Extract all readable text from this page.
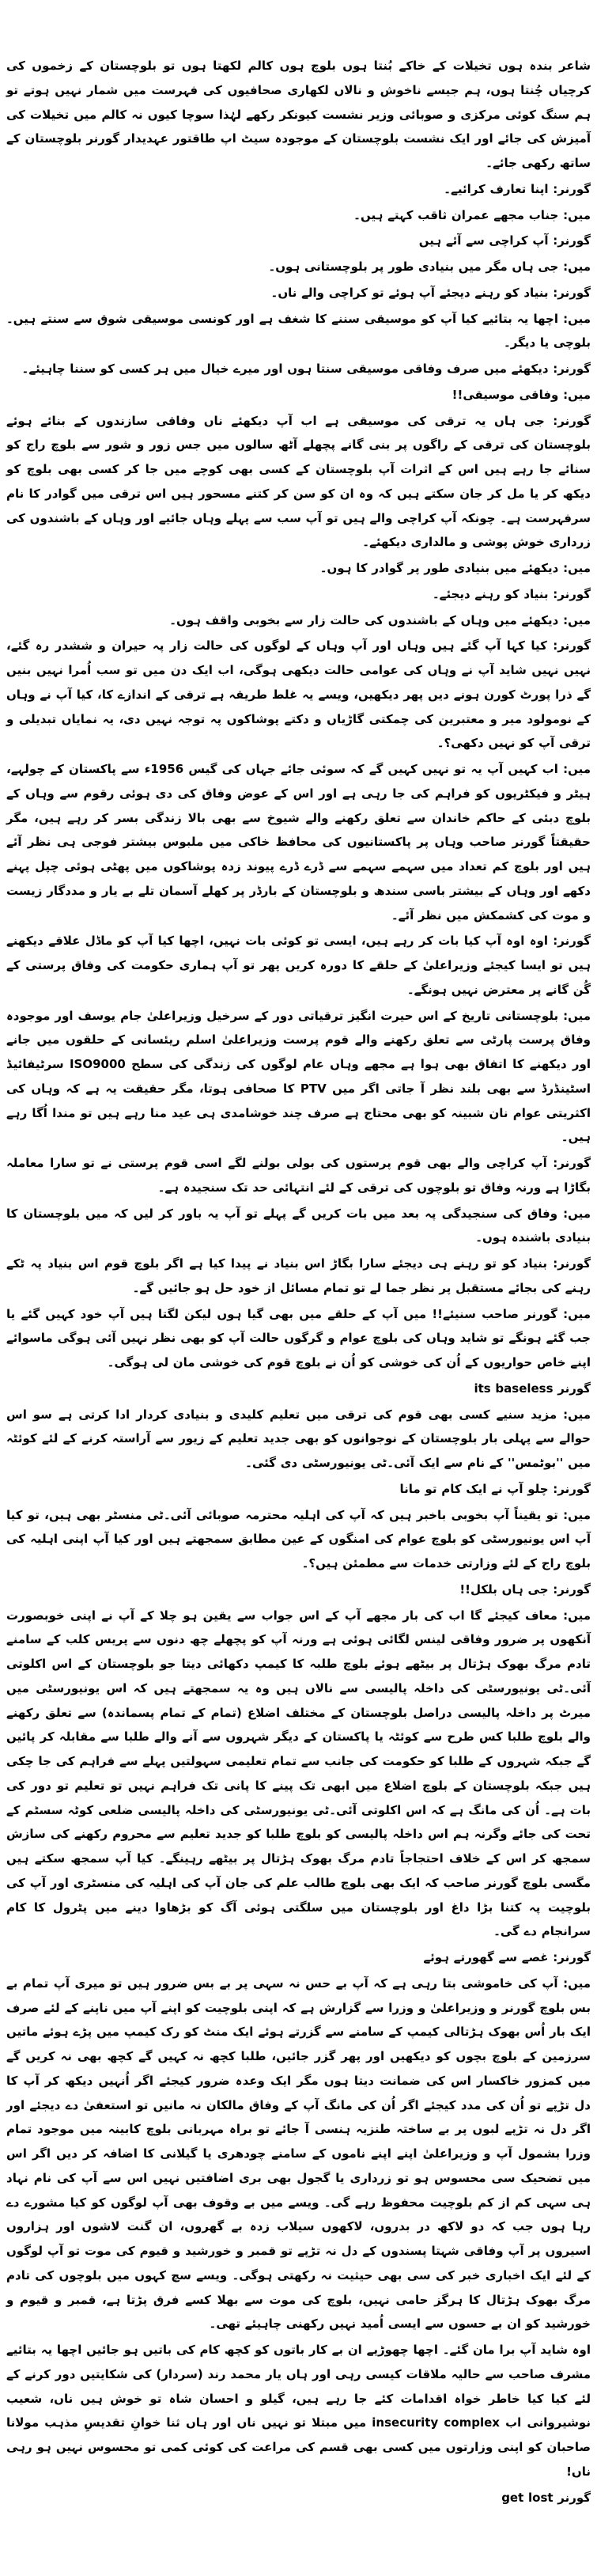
شاعر بندہ ہوں تخیلات کے خاکے بُنتا ہوں بلوچ ہوں کالم لکھتا ہوں تو بلوچستان کے زخموں کی کرچیاں چُنتا ہوں، ہم جیسے ناخوش و نالاں لکھاری صحافیوں کی فہرست میں شمار نہیں ہوتے تو ہم سنگ کوئی مرکزی و صوبائی وزیر نشست کیونکر رکھے لہٰذا سوچا کیوں نہ کالم میں تخیلات کی آمیزش کی جائے اور ایک نشست بلوچستان کے موجودہ سیٹ اپ طاقتور عہدیدار گورنر بلوچستان کے ساتھ رکھی جائے۔

گورنر: اپنا تعارف کرائیے۔

میں: جناب مجھے عمران ثاقب کہتے ہیں۔

گورنر: آپ کراچی سے آئے ہیں

میں: جی ہاں مگر میں بنیادی طور پر بلوچستانی ہوں۔

گورنر: بنیاد کو رہنے دیجئے آپ ہوئے تو کراچی والے ناں۔

میں: اچھا یہ بتائیے کیا آپ کو موسیقی سننے کا شغف ہے اور کونسی موسیقی شوق سے سنتے ہیں۔ بلوچی یا دیگر۔

گورنر: دیکھئے میں صرف وفاقی موسیقی سنتا ہوں اور میرے خیال میں ہر کسی کو سننا چاہیئے۔

میں: وفاقی موسیقی!!

گورنر: جی ہاں یہ ترقی کی موسیقی ہے اب آپ دیکھئے ناں وفاقی سازندوں کے بنائے ہوئے بلوچستان کی ترقی کے راگوں پر بنی گانے پچھلے آٹھ سالوں میں جس زور و شور سے بلوچ راج کو سنائے جا رہے ہیں اس کے اثرات آپ بلوچستان کے کسی بھی کوچے میں جا کر کسی بھی بلوچ کو دیکھ کر یا مل کر جان سکتے ہیں کہ وہ ان کو سن کر کتنے مسحور ہیں اس ترقی میں گوادر کا نام سرفہرست ہے۔ چونکہ آپ کراچی والے ہیں تو آپ سب سے پہلے وہاں جائیے اور وہاں کے باشندوں کی زرداری خوش پوشی و مالداری دیکھئے۔

میں: دیکھئے میں بنیادی طور پر گوادر کا ہوں۔

گورنر: بنیاد کو رہنے دیجئے۔

میں: دیکھئے میں وہاں کے باشندوں کی حالت زار سے بخوبی واقف ہوں۔

گورنر: کیا کہا آپ گئے ہیں وہاں اور آپ وہاں کے لوگوں کی حالت زار پہ حیران و ششدر رہ گئے، نہیں نہیں شاید آپ نے وہاں کی عوامی حالت دیکھی ہوگی، اب ایک دن میں تو سب اُمرا نہیں بنیں گے ذرا پورٹ کورن ہونے دیں پھر دیکھیں، ویسے یہ غلط طریقہ ہے ترقی کے اندازے کا، کیا آپ نے وہاں کے نومولود میر و معتبرین کی چمکتی گاڑیاں و دکتے پوشاکوں پہ توجہ نہیں دی، یہ نمایاں تبدیلی و ترقی آپ کو نہیں دکھی؟۔

میں: اب کہیں آپ یہ تو نہیں کہیں گے کہ سوئی جائے جہاں کی گیس 1956ء سے پاکستان کے چولہے، ہیٹر و فیکٹریوں کو فراہم کی جا رہی ہے اور اس کے عوض وفاق کی دی ہوئی رقوم سے وہاں کے بلوچ دبئی کے حاکم خاندان سے تعلق رکھنے والے شیوخ سے بھی بالا زندگی بسر کر رہے ہیں، مگر حقیقتاً گورنر صاحب وہاں پر پاکستانیوں کی محافظ خاکی میں ملبوس بیشتر فوجی ہی نظر آئے ہیں اور بلوچ کم تعداد میں سہمے سہمے سے ڈرے ڈرے پیوند زدہ پوشاکوں میں پھٹی ہوئی چپل پہنے دکھے اور وہاں کے بیشتر باسی سندھ و بلوچستان کے بارڈر پر کھلے آسمان تلے بے یار و مددگار زیست و موت کی کشمکش میں نظر آئے۔

گورنر: اوہ اوہ آپ کیا بات کر رہے ہیں، ایسی تو کوئی بات نہیں، اچھا کیا آپ کو ماڈل علاقے دیکھنے ہیں تو ایسا کیجئے وزیراعلیٰ کے حلقے کا دورہ کریں پھر تو آپ ہماری حکومت کی وفاق پرستی کے گُن گانے پر معترض نہیں ہونگے۔

میں: بلوچستانی تاریخ کے اس حیرت انگیز ترقیاتی دور کے سرخیل وزیراعلیٰ جام یوسف اور موجودہ وفاق پرست پارٹی سے تعلق رکھنے والے قوم پرست وزیراعلیٰ اسلم ریئسانی کے حلقوں میں جانے اور دیکھنے کا اتفاق بھی ہوا ہے مجھے وہاں عام لوگوں کی زندگی کی سطح ISO9000 سرٹیفائیڈ اسٹینڈرڈ سے بھی بلند نظر آ جاتی اگر میں PTV کا صحافی ہوتا، مگر حقیقت یہ ہے کہ وہاں کی اکثریتی عوام نان شبینہ کو بھی محتاج ہے صرف چند خوشامدی ہی عید منا رہے ہیں تو مندا اُگا رہے ہیں۔

گورنر: آپ کراچی والے بھی قوم پرستوں کی بولی بولنے لگے اسی قوم پرستی نے تو سارا معاملہ بگاڑا ہے ورنہ وفاق تو بلوچوں کی ترقی کے لئے انتہائی حد تک سنجیدہ ہے۔

میں: وفاق کی سنجیدگی پہ بعد میں بات کریں گے پہلے تو آپ یہ باور کر لیں کہ میں بلوچستان کا بنیادی باشندہ ہوں۔

گورنر: بنیاد کو تو رہنے ہی دیجئے سارا بگاڑ اس بنیاد نے پیدا کیا ہے اگر بلوچ قوم اس بنیاد پہ ٹکے رہنے کی بجائے مستقبل پر نظر جما لے تو تمام مسائل از خود حل ہو جائیں گے۔

میں: گورنر صاحب سنیئے!! میں آپ کے حلقے میں بھی گیا ہوں لیکن لگتا ہیں آپ خود کہیں گئے یا جب گئے ہونگے تو شاید وہاں کی بلوچ عوام و گرگوں حالت آپ کو بھی نظر نہیں آئی ہوگی ماسوائے اپنے خاص حواریوں کے اُن کی خوشی کو اُن نے بلوچ قوم کی خوشی مان لی ہوگی۔

گورنر its baseless

میں: مزید سنیے کسی بھی قوم کی ترقی میں تعلیم کلیدی و بنیادی کردار ادا کرتی ہے سو اس حوالے سے پہلی بار بلوچستان کے نوجوانوں کو بھی جدید تعلیم کے زیور سے آراستہ کرنے کے لئے کوئٹہ میں ''بوٹمس'' کے نام سے ایک آئی۔ٹی یونیورسٹی دی گئی۔

گورنر: چلو آپ نے ایک کام تو مانا

میں: تو یقیناً آپ بخوبی باخبر ہیں کہ آپ کی اہلیہ محترمہ صوبائی آئی۔ٹی منسٹر بھی ہیں، تو کیا آپ اس یونیورسٹی کو بلوچ عوام کی امنگوں کے عین مطابق سمجھتے ہیں اور کیا آپ اپنی اہلیہ کی بلوچ راج کے لئے وزارتی خدمات سے مطمئن ہیں؟۔

گورنر: جی ہاں بلکل!!

میں: معاف کیجئے گا اب کی بار مجھے آپ کے اس جواب سے یقین ہو چلا کے آپ نے اپنی خوبصورت آنکھوں پر ضرور وفاقی لینس لگائی ہوئی ہے ورنہ آپ کو پچھلے چھ دنوں سے پریس کلب کے سامنے تادم مرگ بھوک ہڑتال پر بیٹھے ہوئے بلوچ طلبہ کا کیمپ دکھائی دیتا جو بلوچستان کے اس اکلوتی آئی۔ٹی یونیورسٹی کی داخلہ پالیسی سے نالاں ہیں وہ یہ سمجھتے ہیں کہ اس یونیورسٹی میں میرٹ پر داخلہ پالیسی دراصل بلوچستان کے مختلف اضلاع (تمام کے تمام پسماندہ) سے تعلق رکھنے والے بلوچ طلبا کس طرح سے کوئٹہ یا پاکستان کے دیگر شہروں سے آنے والے طلبا سے مقابلہ کر پائیں گے جبکہ شہروں کے طلبا کو حکومت کی جانب سے تمام تعلیمی سہولتیں پہلے سے فراہم کی جا چکی ہیں جبکہ بلوچستان کے بلوچ اضلاع میں ابھی تک پینے کا پانی تک فراہم نہیں تو تعلیم تو دور کی بات ہے۔ اُن کی مانگ ہے کہ اس اکلوتی آئی۔ٹی یونیورسٹی کی داخلہ پالیسی ضلعی کوٹہ سسٹم کے تحت کی جائے وگرنہ ہم اس داخلہ پالیسی کو بلوچ طلبا کو جدید تعلیم سے محروم رکھنے کی سازش سمجھ کر اس کے خلاف احتجاجاً تادم مرگ بھوک ہڑتال پر بیٹھے رہینگے۔ کیا آپ سمجھ سکتے ہیں مگسی بلوچ گورنر صاحب کہ ایک بھی بلوچ طالب علم کی جان آپ کی اہلیہ کی منسٹری اور آپ کی بلوچیت پہ کتنا بڑا داغ اور بلوچستان میں سلگتی ہوئی آگ کو بڑھاوا دینے میں پٹرول کا کام سرانجام دے گی۔

گورنر: غصے سے گھورتے ہوئے

میں: آپ کی خاموشی بتا رہی ہے کہ آپ بے حس نہ سہی پر بے بس ضرور ہیں تو میری آپ تمام بے بس بلوچ گورنر و وزیراعلیٰ و وزرا سے گزارش ہے کہ اپنی بلوچیت کو اپنے آپ میں ناپنے کے لئے صرف ایک بار اُس بھوک ہڑتالی کیمپ کے سامنے سے گزرتے ہوئے ایک منٹ کو رک کیمپ میں پڑے ہوئے ماتیں سرزمین کے بلوچ بچوں کو دیکھیں اور پھر گزر جائیں، طلبا کچھ نہ کہیں گے کچھ بھی نہ کریں گے میں کمزور خاکسار اس کی ضمانت دیتا ہوں مگر ایک وعدہ ضرور کیجئے اگر اُنہیں دیکھ کر آپ کا دل تڑپے تو اُن کی مدد کیجئے اگر اُن کی مانگ آپ کے وفاق مالکان نہ مانیں تو استعفیٰ دے دیجئے اور اگر دل نہ تڑپے لبوں پر بے ساختہ طنزیہ ہنسی آ جائے تو براہ مہربانی بلوچ کابینہ میں موجود تمام وزرا بشمول آپ و وزیراعلیٰ اپنے اپنے ناموں کے سامنے چودھری یا گیلانی کا اضافہ کر دیں اگر اس میں تضحیک سی محسوس ہو تو زرداری یا گجول بھی بری اضافتیں نہیں اس سے آپ کی نام نہاد ہی سہی کم از کم بلوچیت محفوظ رہے گی۔ ویسے میں بے وقوف بھی آپ لوگوں کو کیا مشورے دے رہا ہوں جب کہ دو لاکھ در بدروں، لاکھوں سیلاب زدہ بے گھروں، ان گنت لاشوں اور ہزاروں اسیروں پر آپ وفاقی شہتا پسندوں کے دل نہ تڑپے تو قمبر و خورشید و قیوم کی موت تو آپ لوگوں کے لئے ایک اخباری خبر کی سی بھی حیثیت نہ رکھتی ہوگی۔ ویسے سچ کہوں میں بلوچوں کی تادم مرگ بھوک ہڑتال کا ہرگز حامی نہیں، بلوچ کی موت سے بھلا کسے فرق پڑتا ہے، قمبر و قیوم و خورشید کو ان بے حسوں سے ایسی اُمید نہیں رکھنی چاہیئے تھی۔

اوہ شاید آپ برا مان گئے۔ اچھا چھوڑیے ان بے کار باتوں کو کچھ کام کی باتیں ہو جائیں اچھا یہ بتائیے مشرف صاحب سے حالیہ ملاقات کیسی رہی اور ہاں یار محمد رند (سردار) کی شکایتیں دور کرنے کے لئے کیا کیا خاطر خواہ اقدامات کئے جا رہے ہیں، گیلو و احسان شاہ تو خوش ہیں ناں، شعیب نوشیروانی اب insecurity complex میں مبتلا تو نہیں ناں اور ہاں ثنا خوانِ تقدیسِ مذہب مولانا صاحبان کو اپنی وزارتوں میں کسی بھی قسم کی مراعت کی کوئی کمی تو محسوس نہیں ہو رہی ناں!

گورنر get lost
